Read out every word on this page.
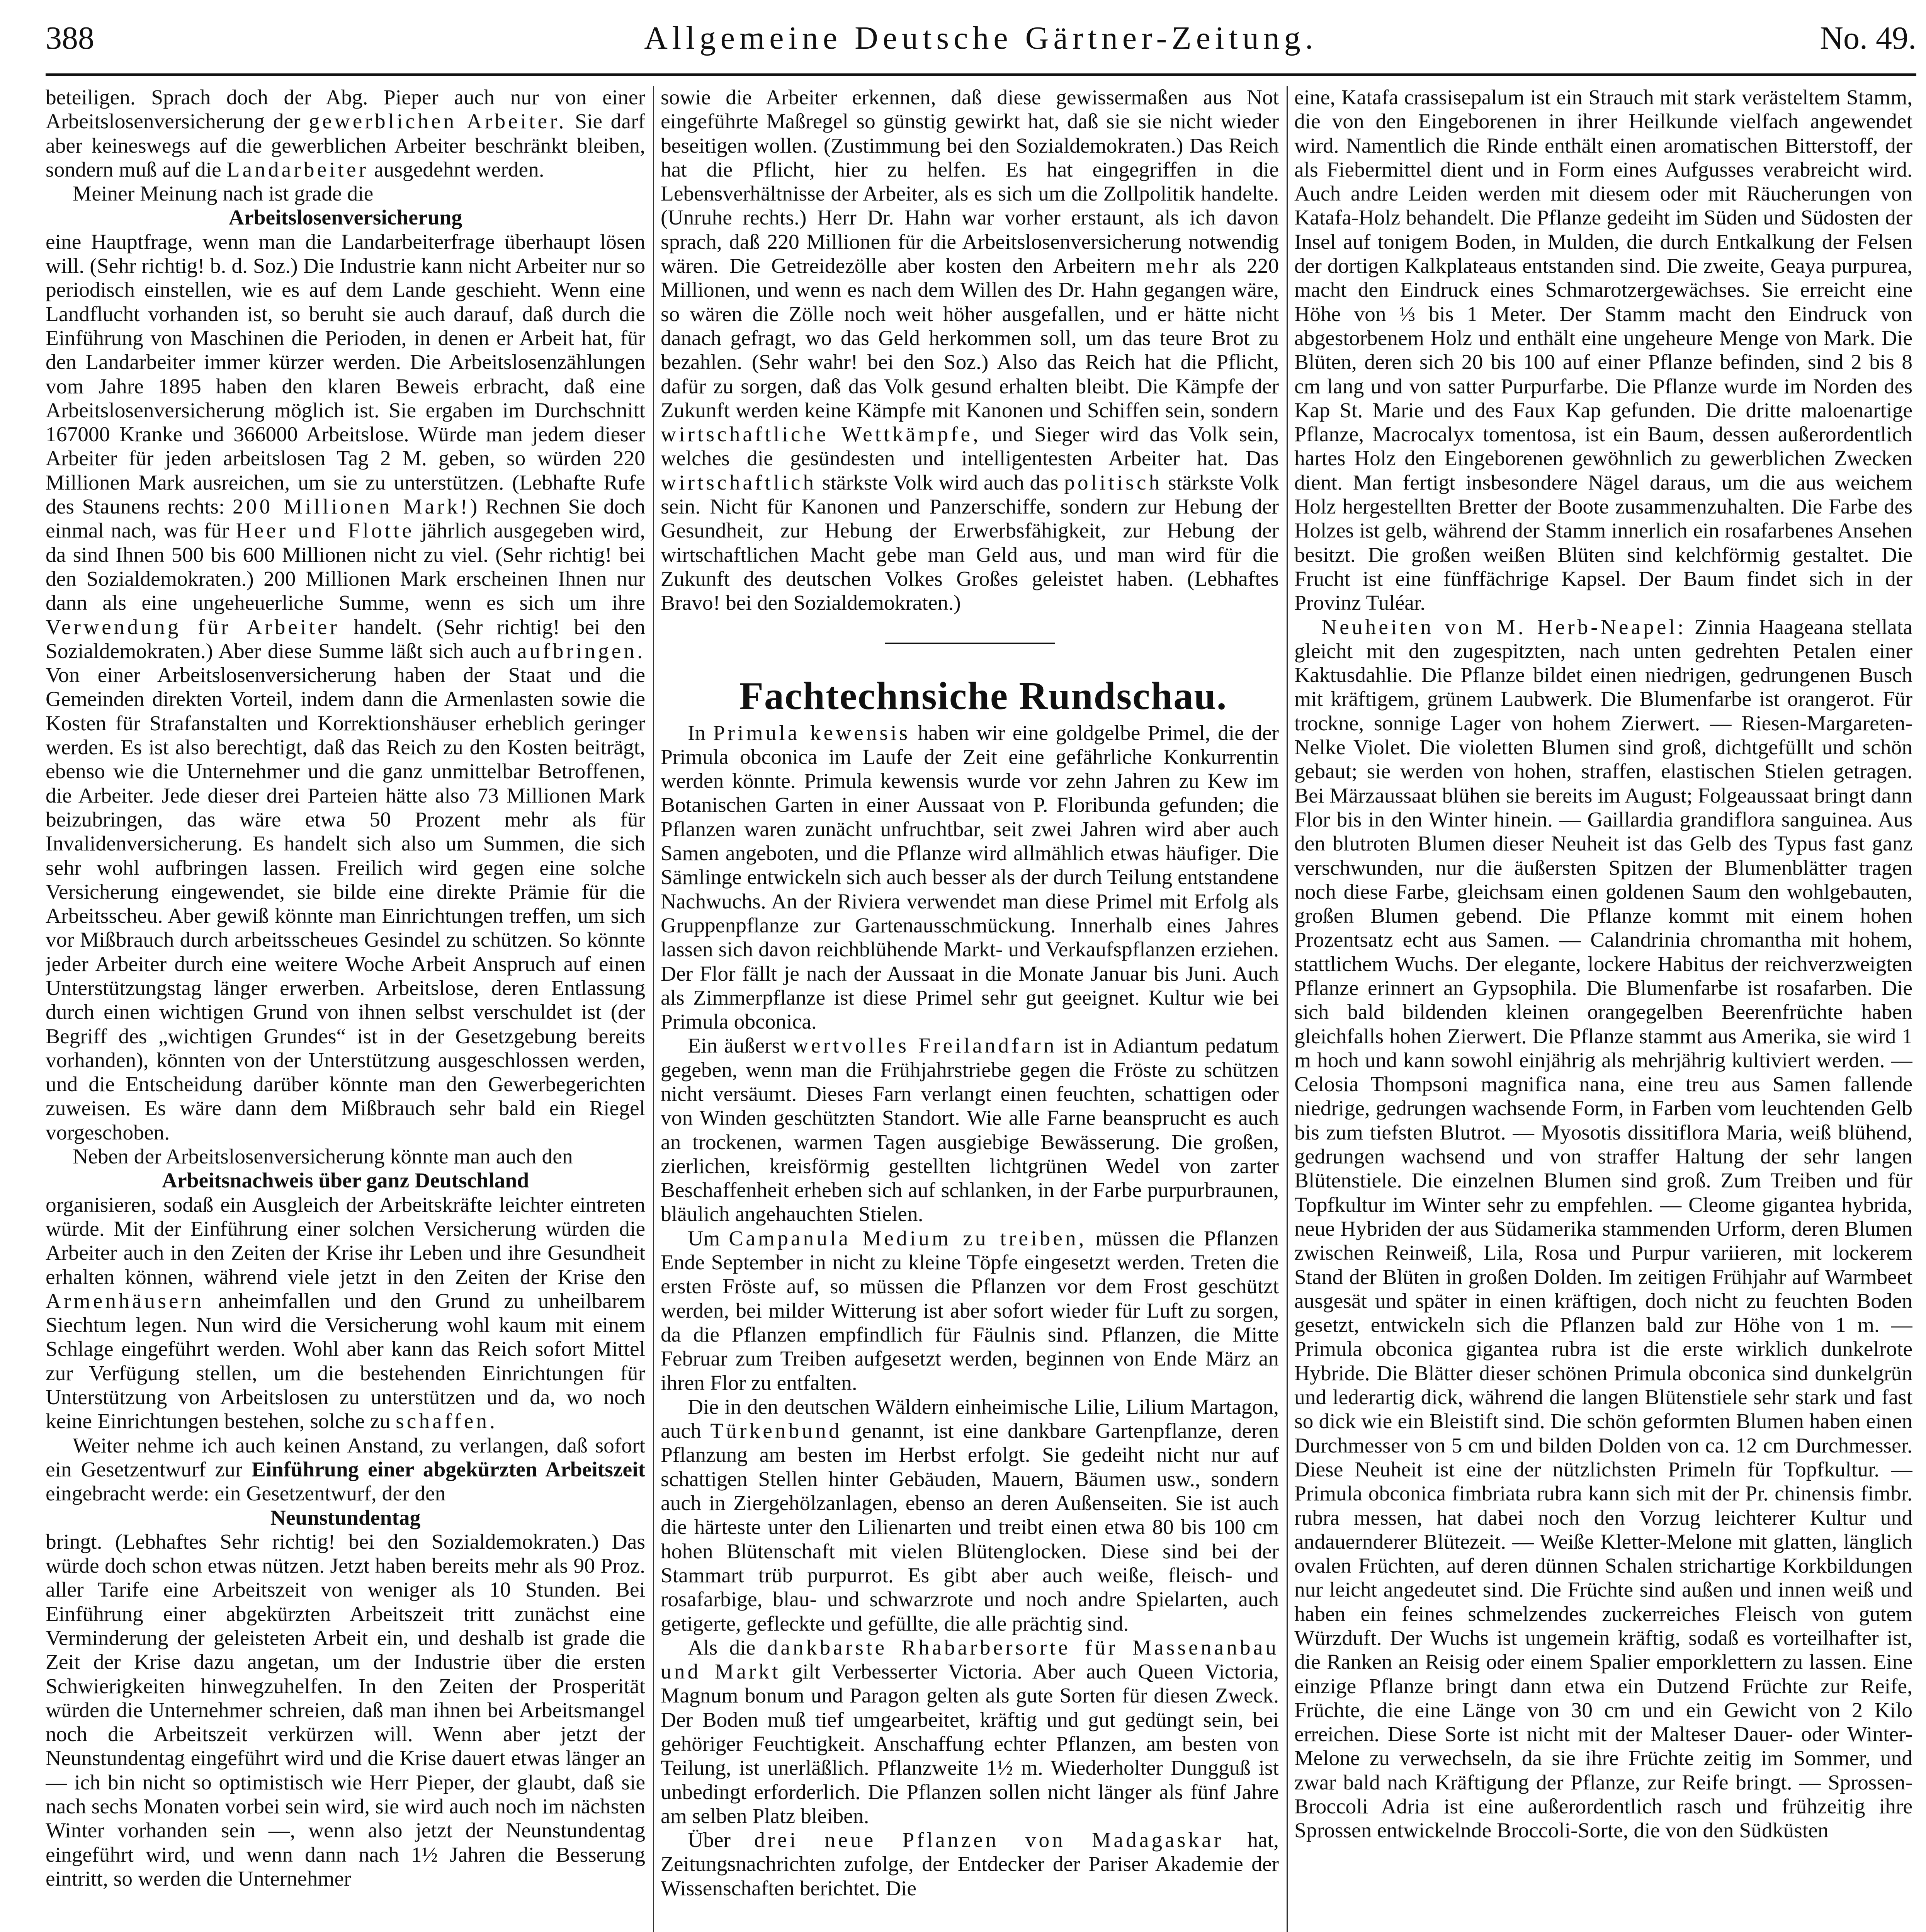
388	Allgemeine Deutsche Gärtner-Zeitung.	No. 49.

beteiligen. Sprach doch der Abg. Pieper auch nur von einer Arbeitslosenversicherung der gewerblichen Arbeiter. Sie darf aber keineswegs auf die gewerblichen Arbeiter beschränkt bleiben, sondern muß auf die Landarbeiter ausgedehnt werden.

Meiner Meinung nach ist grade die

Arbeitslosenversicherung

eine Hauptfrage, wenn man die Landarbeiterfrage überhaupt lösen will. (Sehr richtig! b. d. Soz.) Die Industrie kann nicht Arbeiter nur so periodisch einstellen, wie es auf dem Lande geschieht. Wenn eine Landflucht vorhanden ist, so beruht sie auch darauf, daß durch die Einführung von Maschinen die Perioden, in denen er Arbeit hat, für den Landarbeiter immer kürzer werden. Die Arbeitslosenzählungen vom Jahre 1895 haben den klaren Beweis erbracht, daß eine Arbeitslosenversicherung möglich ist. Sie ergaben im Durchschnitt 167000 Kranke und 366000 Arbeitslose. Würde man jedem dieser Arbeiter für jeden arbeitslosen Tag 2 M. geben, so würden 220 Millionen Mark ausreichen, um sie zu unterstützen. (Lebhafte Rufe des Staunens rechts: 200 Millionen Mark!) Rechnen Sie doch einmal nach, was für Heer und Flotte jährlich ausgegeben wird, da sind Ihnen 500 bis 600 Millionen nicht zu viel. (Sehr richtig! bei den Sozialdemokraten.) 200 Millionen Mark erscheinen Ihnen nur dann als eine ungeheuerliche Summe, wenn es sich um ihre Verwendung für Arbeiter handelt. (Sehr richtig! bei den Sozialdemokraten.) Aber diese Summe läßt sich auch aufbringen. Von einer Arbeitslosenversicherung haben der Staat und die Gemeinden direkten Vorteil, indem dann die Armenlasten sowie die Kosten für Strafanstalten und Korrektionshäuser erheblich geringer werden. Es ist also berechtigt, daß das Reich zu den Kosten beiträgt, ebenso wie die Unternehmer und die ganz unmittelbar Betroffenen, die Arbeiter. Jede dieser drei Parteien hätte also 73 Millionen Mark beizubringen, das wäre etwa 50 Prozent mehr als für Invalidenversicherung. Es handelt sich also um Summen, die sich sehr wohl aufbringen lassen. Freilich wird gegen eine solche Versicherung eingewendet, sie bilde eine direkte Prämie für die Arbeitsscheu. Aber gewiß könnte man Einrichtungen treffen, um sich vor Mißbrauch durch arbeitsscheues Gesindel zu schützen. So könnte jeder Arbeiter durch eine weitere Woche Arbeit Anspruch auf einen Unterstützungstag länger erwerben. Arbeitslose, deren Entlassung durch einen wichtigen Grund von ihnen selbst verschuldet ist (der Begriff des „wichtigen Grundes“ ist in der Gesetzgebung bereits vorhanden), könnten von der Unterstützung ausgeschlossen werden, und die Entscheidung darüber könnte man den Gewerbegerichten zuweisen. Es wäre dann dem Mißbrauch sehr bald ein Riegel vorgeschoben.

Neben der Arbeitslosenversicherung könnte man auch den

Arbeitsnachweis über ganz Deutschland

organisieren, sodaß ein Ausgleich der Arbeitskräfte leichter eintreten würde. Mit der Einführung einer solchen Versicherung würden die Arbeiter auch in den Zeiten der Krise ihr Leben und ihre Gesundheit erhalten können, während viele jetzt in den Zeiten der Krise den Armenhäusern anheimfallen und den Grund zu unheilbarem Siechtum legen. Nun wird die Versicherung wohl kaum mit einem Schlage eingeführt werden. Wohl aber kann das Reich sofort Mittel zur Verfügung stellen, um die bestehenden Einrichtungen für Unterstützung von Arbeitslosen zu unterstützen und da, wo noch keine Einrichtungen bestehen, solche zu schaffen.

Weiter nehme ich auch keinen Anstand, zu verlangen, daß sofort ein Gesetzentwurf zur Einführung einer abgekürzten Arbeitszeit eingebracht werde: ein Gesetzentwurf, der den

Neunstundentag

bringt. (Lebhaftes Sehr richtig! bei den Sozialdemokraten.) Das würde doch schon etwas nützen. Jetzt haben bereits mehr als 90 Proz. aller Tarife eine Arbeitszeit von weniger als 10 Stunden. Bei Einführung einer abgekürzten Arbeitszeit tritt zunächst eine Verminderung der geleisteten Arbeit ein, und deshalb ist grade die Zeit der Krise dazu angetan, um der Industrie über die ersten Schwierigkeiten hinwegzuhelfen. In den Zeiten der Prosperität würden die Unternehmer schreien, daß man ihnen bei Arbeitsmangel noch die Arbeitszeit verkürzen will. Wenn aber jetzt der Neunstundentag eingeführt wird und die Krise dauert etwas länger an — ich bin nicht so optimistisch wie Herr Pieper, der glaubt, daß sie nach sechs Monaten vorbei sein wird, sie wird auch noch im nächsten Winter vorhanden sein —, wenn also jetzt der Neunstundentag eingeführt wird, und wenn dann nach 1½ Jahren die Besserung eintritt, so werden die Unternehmer

sowie die Arbeiter erkennen, daß diese gewissermaßen aus Not eingeführte Maßregel so günstig gewirkt hat, daß sie sie nicht wieder beseitigen wollen. (Zustimmung bei den Sozialdemokraten.) Das Reich hat die Pflicht, hier zu helfen. Es hat eingegriffen in die Lebensverhältnisse der Arbeiter, als es sich um die Zollpolitik handelte. (Unruhe rechts.) Herr Dr. Hahn war vorher erstaunt, als ich davon sprach, daß 220 Millionen für die Arbeitslosenversicherung notwendig wären. Die Getreidezölle aber kosten den Arbeitern mehr als 220 Millionen, und wenn es nach dem Willen des Dr. Hahn gegangen wäre, so wären die Zölle noch weit höher ausgefallen, und er hätte nicht danach gefragt, wo das Geld herkommen soll, um das teure Brot zu bezahlen. (Sehr wahr! bei den Soz.) Also das Reich hat die Pflicht, dafür zu sorgen, daß das Volk gesund erhalten bleibt. Die Kämpfe der Zukunft werden keine Kämpfe mit Kanonen und Schiffen sein, sondern wirtschaftliche Wettkämpfe, und Sieger wird das Volk sein, welches die gesündesten und intelligentesten Arbeiter hat. Das wirtschaftlich stärkste Volk wird auch das politisch stärkste Volk sein. Nicht für Kanonen und Panzerschiffe, sondern zur Hebung der Gesundheit, zur Hebung der Erwerbsfähigkeit, zur Hebung der wirtschaftlichen Macht gebe man Geld aus, und man wird für die Zukunft des deutschen Volkes Großes geleistet haben. (Lebhaftes Bravo! bei den Sozialdemokraten.)

Fachtechnsiche Rundschau.

In Primula kewensis haben wir eine goldgelbe Primel, die der Primula obconica im Laufe der Zeit eine gefährliche Konkurrentin werden könnte. Primula kewensis wurde vor zehn Jahren zu Kew im Botanischen Garten in einer Aussaat von P. Floribunda gefunden; die Pflanzen waren zunächt unfruchtbar, seit zwei Jahren wird aber auch Samen angeboten, und die Pflanze wird allmählich etwas häufiger. Die Sämlinge entwickeln sich auch besser als der durch Teilung entstandene Nachwuchs. An der Riviera verwendet man diese Primel mit Erfolg als Gruppenpflanze zur Gartenausschmückung. Innerhalb eines Jahres lassen sich davon reichblühende Markt- und Verkaufspflanzen erziehen. Der Flor fällt je nach der Aussaat in die Monate Januar bis Juni. Auch als Zimmerpflanze ist diese Primel sehr gut geeignet. Kultur wie bei Primula obconica.

Ein äußerst wertvolles Freilandfarn ist in Adiantum pedatum gegeben, wenn man die Frühjahrstriebe gegen die Fröste zu schützen nicht versäumt. Dieses Farn verlangt einen feuchten, schattigen oder von Winden geschützten Standort. Wie alle Farne beansprucht es auch an trockenen, warmen Tagen ausgiebige Bewässerung. Die großen, zierlichen, kreisförmig gestellten lichtgrünen Wedel von zarter Beschaffenheit erheben sich auf schlanken, in der Farbe purpurbraunen, bläulich angehauchten Stielen.

Um Campanula Medium zu treiben, müssen die Pflanzen Ende September in nicht zu kleine Töpfe eingesetzt werden. Treten die ersten Fröste auf, so müssen die Pflanzen vor dem Frost geschützt werden, bei milder Witterung ist aber sofort wieder für Luft zu sorgen, da die Pflanzen empfindlich für Fäulnis sind. Pflanzen, die Mitte Februar zum Treiben aufgesetzt werden, beginnen von Ende März an ihren Flor zu entfalten.

Die in den deutschen Wäldern einheimische Lilie, Lilium Martagon, auch Türkenbund genannt, ist eine dankbare Gartenpflanze, deren Pflanzung am besten im Herbst erfolgt. Sie gedeiht nicht nur auf schattigen Stellen hinter Gebäuden, Mauern, Bäumen usw., sondern auch in Ziergehölzanlagen, ebenso an deren Außenseiten. Sie ist auch die härteste unter den Lilienarten und treibt einen etwa 80 bis 100 cm hohen Blütenschaft mit vielen Blütenglocken. Diese sind bei der Stammart trüb purpurrot. Es gibt aber auch weiße, fleisch- und rosafarbige, blau- und schwarzrote und noch andre Spielarten, auch getigerte, gefleckte und gefüllte, die alle prächtig sind.

Als die dankbarste Rhabarbersorte für Massenanbau und Markt gilt Verbesserter Victoria. Aber auch Queen Victoria, Magnum bonum und Paragon gelten als gute Sorten für diesen Zweck. Der Boden muß tief umgearbeitet, kräftig und gut gedüngt sein, bei gehöriger Feuchtigkeit. Anschaffung echter Pflanzen, am besten von Teilung, ist unerläßlich. Pflanzweite 1½ m. Wiederholter Dungguß ist unbedingt erforderlich. Die Pflanzen sollen nicht länger als fünf Jahre am selben Platz bleiben.

Über drei neue Pflanzen von Madagaskar hat, Zeitungsnachrichten zufolge, der Entdecker der Pariser Akademie der Wissenschaften berichtet. Die

eine, Katafa crassisepalum ist ein Strauch mit stark verästeltem Stamm, die von den Eingeborenen in ihrer Heilkunde vielfach angewendet wird. Namentlich die Rinde enthält einen aromatischen Bitterstoff, der als Fiebermittel dient und in Form eines Aufgusses verabreicht wird. Auch andre Leiden werden mit diesem oder mit Räucherungen von Katafa-Holz behandelt. Die Pflanze gedeiht im Süden und Südosten der Insel auf tonigem Boden, in Mulden, die durch Entkalkung der Felsen der dortigen Kalkplateaus entstanden sind. Die zweite, Geaya purpurea, macht den Eindruck eines Schmarotzergewächses. Sie erreicht eine Höhe von ⅓ bis 1 Meter. Der Stamm macht den Eindruck von abgestorbenem Holz und enthält eine ungeheure Menge von Mark. Die Blüten, deren sich 20 bis 100 auf einer Pflanze befinden, sind 2 bis 8 cm lang und von satter Purpurfarbe. Die Pflanze wurde im Norden des Kap St. Marie und des Faux Kap gefunden. Die dritte maloenartige Pflanze, Macrocalyx tomentosa, ist ein Baum, dessen außerordentlich hartes Holz den Eingeborenen gewöhnlich zu gewerblichen Zwecken dient. Man fertigt insbesondere Nägel daraus, um die aus weichem Holz hergestellten Bretter der Boote zusammenzuhalten. Die Farbe des Holzes ist gelb, während der Stamm innerlich ein rosafarbenes Ansehen besitzt. Die großen weißen Blüten sind kelchförmig gestaltet. Die Frucht ist eine fünffächrige Kapsel. Der Baum findet sich in der Provinz Tuléar.

Neuheiten von M. Herb-Neapel: Zinnia Haageana stellata gleicht mit den zugespitzten, nach unten gedrehten Petalen einer Kaktusdahlie. Die Pflanze bildet einen niedrigen, gedrungenen Busch mit kräftigem, grünem Laubwerk. Die Blumenfarbe ist orangerot. Für trockne, sonnige Lager von hohem Zierwert. — Riesen-Margareten-Nelke Violet. Die violetten Blumen sind groß, dichtgefüllt und schön gebaut; sie werden von hohen, straffen, elastischen Stielen getragen. Bei Märzaussaat blühen sie bereits im August; Folgeaussaat bringt dann Flor bis in den Winter hinein. — Gaillardia grandiflora sanguinea. Aus den blutroten Blumen dieser Neuheit ist das Gelb des Typus fast ganz verschwunden, nur die äußersten Spitzen der Blumenblätter tragen noch diese Farbe, gleichsam einen goldenen Saum den wohlgebauten, großen Blumen gebend. Die Pflanze kommt mit einem hohen Prozentsatz echt aus Samen. — Calandrinia chromantha mit hohem, stattlichem Wuchs. Der elegante, lockere Habitus der reichverzweigten Pflanze erinnert an Gypsophila. Die Blumenfarbe ist rosafarben. Die sich bald bildenden kleinen orangegelben Beerenfrüchte haben gleichfalls hohen Zierwert. Die Pflanze stammt aus Amerika, sie wird 1 m hoch und kann sowohl einjährig als mehrjährig kultiviert werden. — Celosia Thompsoni magnifica nana, eine treu aus Samen fallende niedrige, gedrungen wachsende Form, in Farben vom leuchtenden Gelb bis zum tiefsten Blutrot. — Myosotis dissitiflora Maria, weiß blühend, gedrungen wachsend und von straffer Haltung der sehr langen Blütenstiele. Die einzelnen Blumen sind groß. Zum Treiben und für Topfkultur im Winter sehr zu empfehlen. — Cleome gigantea hybrida, neue Hybriden der aus Südamerika stammenden Urform, deren Blumen zwischen Reinweiß, Lila, Rosa und Purpur variieren, mit lockerem Stand der Blüten in großen Dolden. Im zeitigen Frühjahr auf Warmbeet ausgesät und später in einen kräftigen, doch nicht zu feuchten Boden gesetzt, entwickeln sich die Pflanzen bald zur Höhe von 1 m. — Primula obconica gigantea rubra ist die erste wirklich dunkelrote Hybride. Die Blätter dieser schönen Primula obconica sind dunkelgrün und lederartig dick, während die langen Blütenstiele sehr stark und fast so dick wie ein Bleistift sind. Die schön geformten Blumen haben einen Durchmesser von 5 cm und bilden Dolden von ca. 12 cm Durchmesser. Diese Neuheit ist eine der nützlichsten Primeln für Topfkultur. — Primula obconica fimbriata rubra kann sich mit der Pr. chinensis fimbr. rubra messen, hat dabei noch den Vorzug leichterer Kultur und andauernderer Blütezeit. — Weiße Kletter-Melone mit glatten, länglich ovalen Früchten, auf deren dünnen Schalen strichartige Korkbildungen nur leicht angedeutet sind. Die Früchte sind außen und innen weiß und haben ein feines schmelzendes zuckerreiches Fleisch von gutem Würzduft. Der Wuchs ist ungemein kräftig, sodaß es vorteilhafter ist, die Ranken an Reisig oder einem Spalier emporklettern zu lassen. Eine einzige Pflanze bringt dann etwa ein Dutzend Früchte zur Reife, Früchte, die eine Länge von 30 cm und ein Gewicht von 2 Kilo erreichen. Diese Sorte ist nicht mit der Malteser Dauer- oder Winter-Melone zu verwechseln, da sie ihre Früchte zeitig im Sommer, und zwar bald nach Kräftigung der Pflanze, zur Reife bringt. — Sprossen-Broccoli Adria ist eine außerordentlich rasch und frühzeitig ihre Sprossen entwickelnde Broccoli-Sorte, die von den Südküsten
